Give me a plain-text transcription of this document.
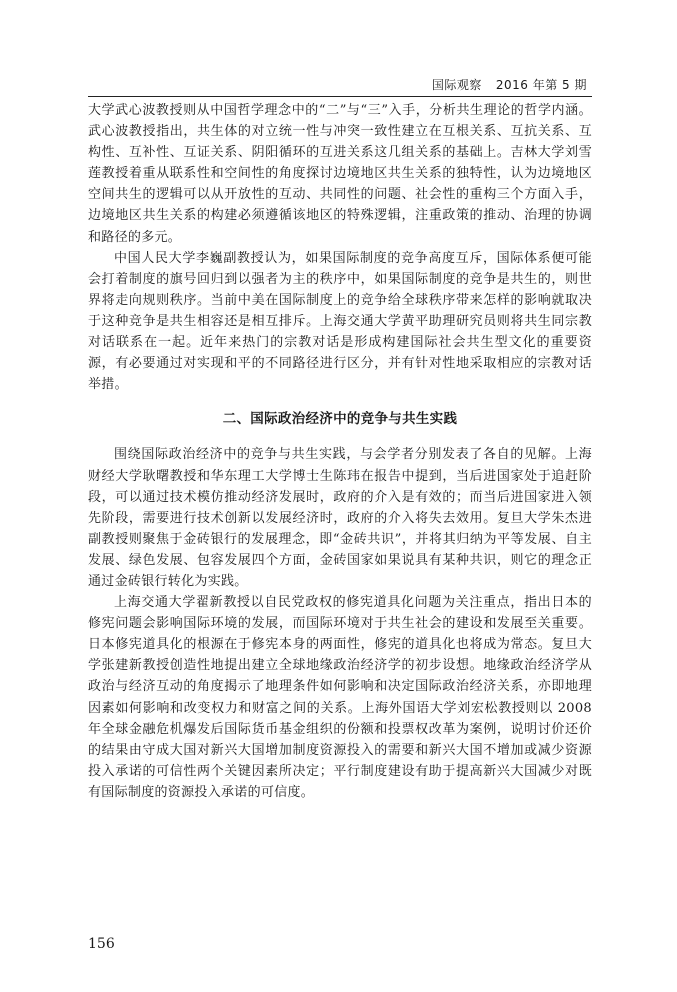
国际观察 2016 年第 5 期

大学武心波教授则从中国哲学理念中的“二”与“三”入手，分析共生理论的哲学内涵。武心波教授指出，共生体的对立统一性与冲突一致性建立在互根关系、互抗关系、互构性、互补性、互证关系、阴阳循环的互进关系这几组关系的基础上。吉林大学刘雪莲教授着重从联系性和空间性的角度探讨边境地区共生关系的独特性，认为边境地区空间共生的逻辑可以从开放性的互动、共同性的问题、社会性的重构三个方面入手，边境地区共生关系的构建必须遵循该地区的特殊逻辑，注重政策的推动、治理的协调和路径的多元。

中国人民大学李巍副教授认为，如果国际制度的竞争高度互斥，国际体系便可能会打着制度的旗号回归到以强者为主的秩序中，如果国际制度的竞争是共生的，则世界将走向规则秩序。当前中美在国际制度上的竞争给全球秩序带来怎样的影响就取决于这种竞争是共生相容还是相互排斥。上海交通大学黄平助理研究员则将共生同宗教对话联系在一起。近年来热门的宗教对话是形成构建国际社会共生型文化的重要资源，有必要通过对实现和平的不同路径进行区分，并有针对性地采取相应的宗教对话举措。

二、国际政治经济中的竞争与共生实践

围绕国际政治经济中的竞争与共生实践，与会学者分别发表了各自的见解。上海财经大学耿曙教授和华东理工大学博士生陈玮在报告中提到，当后进国家处于追赶阶段，可以通过技术模仿推动经济发展时，政府的介入是有效的；而当后进国家进入领先阶段，需要进行技术创新以发展经济时，政府的介入将失去效用。复旦大学朱杰进副教授则聚焦于金砖银行的发展理念，即“金砖共识”，并将其归纳为平等发展、自主发展、绿色发展、包容发展四个方面，金砖国家如果说具有某种共识，则它的理念正通过金砖银行转化为实践。

上海交通大学翟新教授以自民党政权的修宪道具化问题为关注重点，指出日本的修宪问题会影响国际环境的发展，而国际环境对于共生社会的建设和发展至关重要。日本修宪道具化的根源在于修宪本身的两面性，修宪的道具化也将成为常态。复旦大学张建新教授创造性地提出建立全球地缘政治经济学的初步设想。地缘政治经济学从政治与经济互动的角度揭示了地理条件如何影响和决定国际政治经济关系，亦即地理因素如何影响和改变权力和财富之间的关系。上海外国语大学刘宏松教授则以 2008 年全球金融危机爆发后国际货币基金组织的份额和投票权改革为案例，说明讨价还价的结果由守成大国对新兴大国增加制度资源投入的需要和新兴大国不增加或减少资源投入承诺的可信性两个关键因素所决定；平行制度建设有助于提高新兴大国减少对既有国际制度的资源投入承诺的可信度。

156
